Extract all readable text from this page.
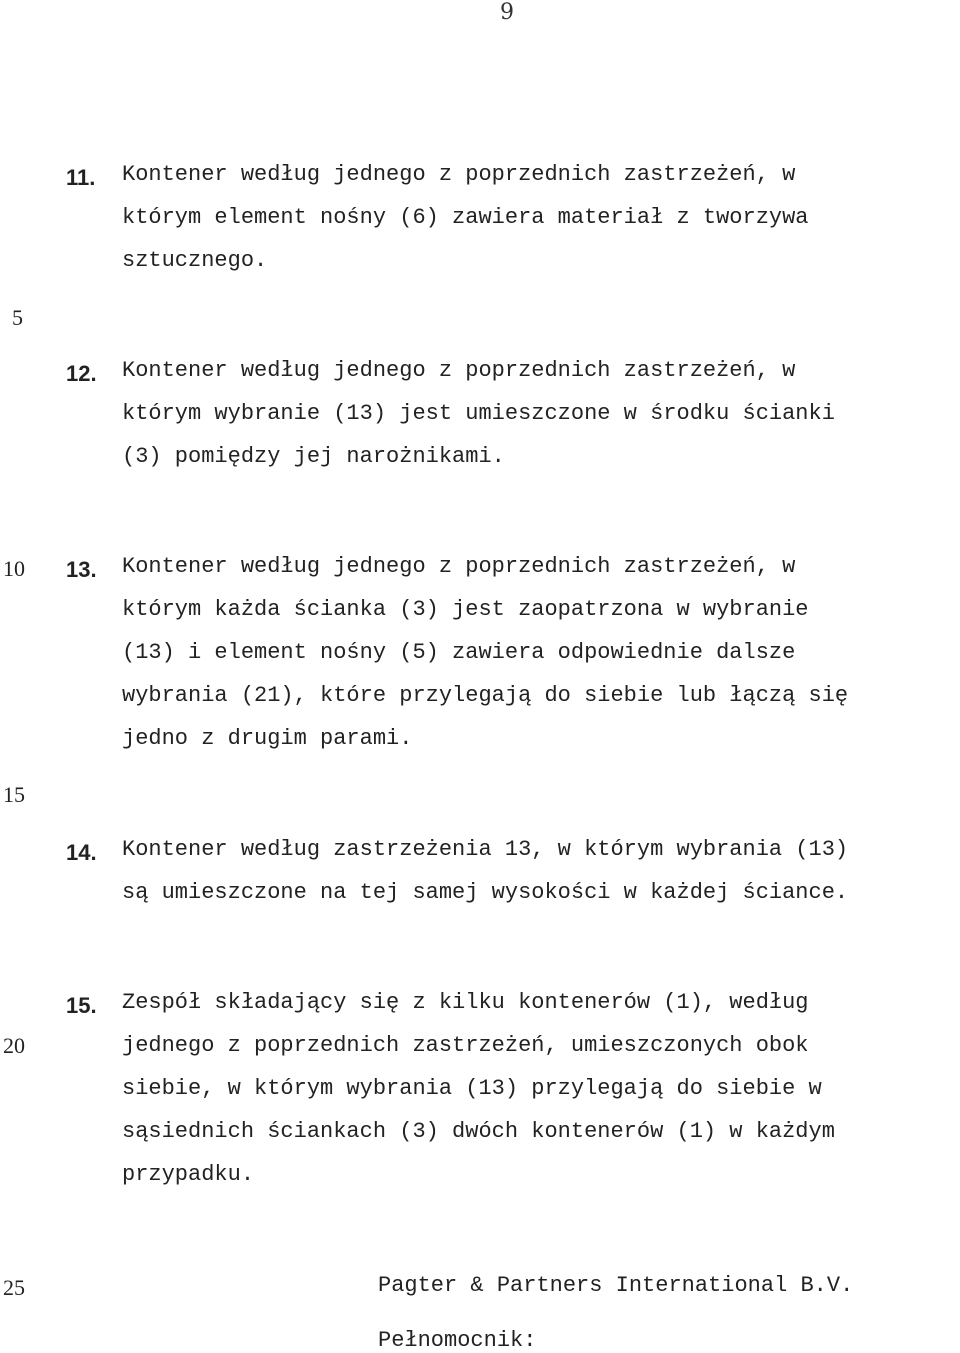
9
5
10
15
20
25
11. Kontener według jednego z poprzednich zastrzeżeń, w
którym element nośny (6) zawiera materiał z tworzywa
sztucznego.
12. Kontener według jednego z poprzednich zastrzeżeń, w
którym wybranie (13) jest umieszczone w środku ścianki
(3) pomiędzy jej narożnikami.
13. Kontener według jednego z poprzednich zastrzeżeń, w
którym każda ścianka (3) jest zaopatrzona w wybranie
(13) i element nośny (5) zawiera odpowiednie dalsze
wybrania (21), które przylegają do siebie lub łączą się
jedno z drugim parami.
14. Kontener według zastrzeżenia 13, w którym wybrania (13)
są umieszczone na tej samej wysokości w każdej ściance.
15. Zespół składający się z kilku kontenerów (1), według
jednego z poprzednich zastrzeżeń, umieszczonych obok
siebie, w którym wybrania (13) przylegają do siebie w
sąsiednich ściankach (3) dwóch kontenerów (1) w każdym
przypadku.
Pagter & Partners International B.V.
Pełnomocnik:
